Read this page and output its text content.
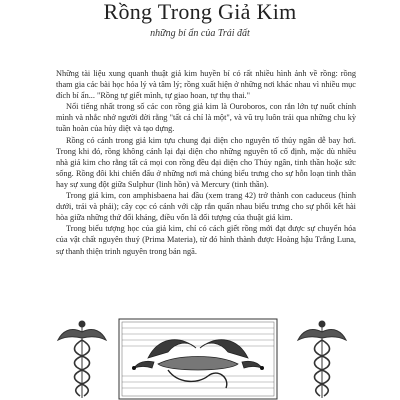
Rồng Trong Giả Kim
những bí ẩn của Trái đất

Những tài liệu xung quanh thuật giả kim huyền bí có rất nhiều hình ảnh về rồng: rồng tham gia các bài học hóa lý và tâm lý; rồng xuất hiện ở những nơi khác nhau vì nhiều mục đích bí ẩn... "Rồng tự giết mình, tự giao hoan, tự thụ thai."

Nổi tiếng nhất trong số các con rồng giả kim là Ouroboros, con rắn lớn tự nuốt chính mình và nhắc nhở người đời rằng "tất cả chỉ là một", và vũ trụ luôn trải qua những chu kỳ tuần hoàn của hủy diệt và tạo dựng.

Rồng có cánh trong giả kim tựu chung đại diện cho nguyên tố thủy ngân dễ bay hơi. Trong khi đó, rồng không cánh lại đại diện cho những nguyên tố cố định, mặc dù nhiều nhà giả kim cho rằng tất cả mọi con rồng đều đại diện cho Thủy ngân, tinh thần hoặc sức sống. Rồng đôi khi chiến đấu ở những nơi mà chúng biểu trưng cho sự hỗn loạn tinh thần hay sự xung đột giữa Sulphur (linh hồn) và Mercury (tinh thần).

Trong giả kim, con amphisbaena hai đầu (xem trang 42) trở thành con caduceus (hình dưới, trái và phải); cây cọc có cánh với cặp rắn quấn nhau biểu trưng cho sự phối kết hài hòa giữa những thứ đối kháng, điều vốn là đối tượng của thuật giả kim.

Trong biểu tượng học của giả kim, chỉ có cách giết rồng mới đạt được sự chuyển hóa của vật chất nguyên thuỷ (Prima Materia), từ đó hình thành được Hoàng hậu Trắng Luna, sự thanh thiện trinh nguyên trong bản ngã.
